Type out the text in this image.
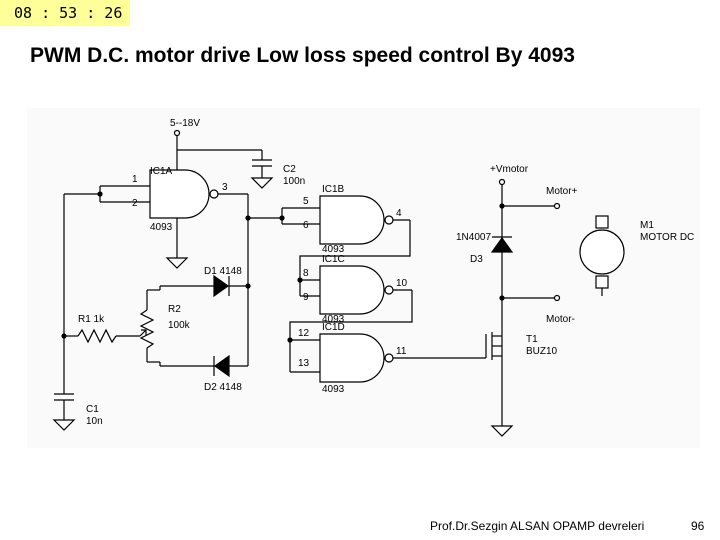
08 : 53 : 26
PWM D.C. motor drive Low loss speed control By 4093
5--18V
C2
100n
IC1A
4093
1
2
3
C1
10n
R1 1k
R2
100k
D1 4148
D2 4148
5
6
IC1B
4093
4
8
9
IC1C
4093
10
12
13
IC1D
4093
11
+Vmotor
Motor+
1N4007
D3
Motor-
M1
MOTOR DC
T1
BUZ10
Prof.Dr.Sezgin ALSAN OPAMP devreleri	96
